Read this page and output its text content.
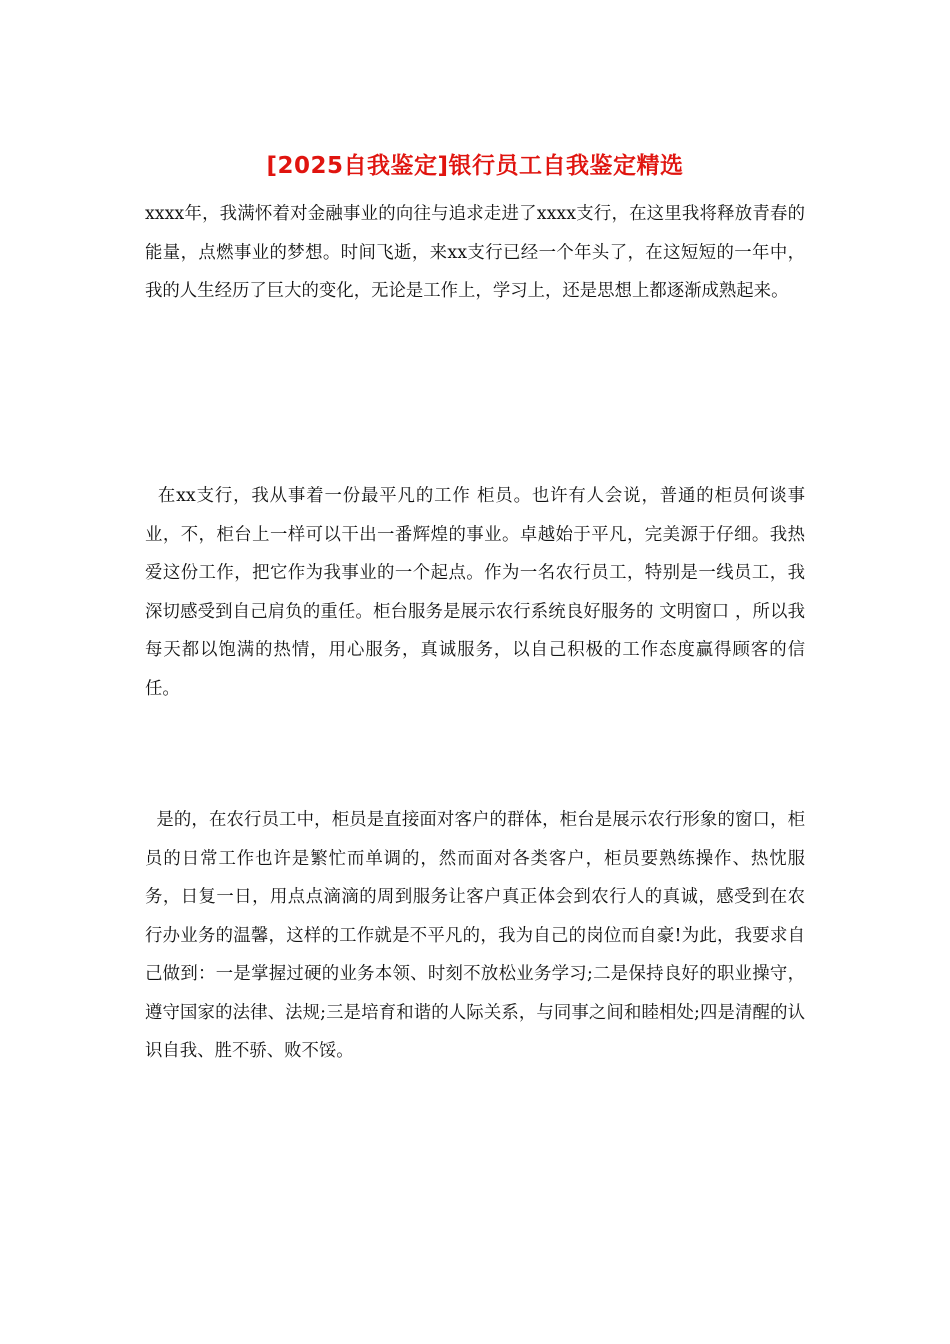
[2025自我鉴定]银行员工自我鉴定精选

xxxx年，我满怀着对金融事业的向往与追求走进了xxxx支行，在这里我将释放青春的能量，点燃事业的梦想。时间飞逝，来xx支行已经一个年头了，在这短短的一年中，我的人生经历了巨大的变化，无论是工作上，学习上，还是思想上都逐渐成熟起来。

在xx支行，我从事着一份最平凡的工作 柜员。也许有人会说，普通的柜员何谈事业，不，柜台上一样可以干出一番辉煌的事业。卓越始于平凡，完美源于仔细。我热爱这份工作，把它作为我事业的一个起点。作为一名农行员工，特别是一线员工，我深切感受到自己肩负的重任。柜台服务是展示农行系统良好服务的 文明窗口 ，所以我每天都以饱满的热情，用心服务，真诚服务，以自己积极的工作态度赢得顾客的信任。

是的，在农行员工中，柜员是直接面对客户的群体，柜台是展示农行形象的窗口，柜员的日常工作也许是繁忙而单调的，然而面对各类客户，柜员要熟练操作、热忱服务，日复一日，用点点滴滴的周到服务让客户真正体会到农行人的真诚，感受到在农行办业务的温馨，这样的工作就是不平凡的，我为自己的岗位而自豪!为此，我要求自己做到：一是掌握过硬的业务本领、时刻不放松业务学习;二是保持良好的职业操守，遵守国家的法律、法规;三是培育和谐的人际关系，与同事之间和睦相处;四是清醒的认识自我、胜不骄、败不馁。
